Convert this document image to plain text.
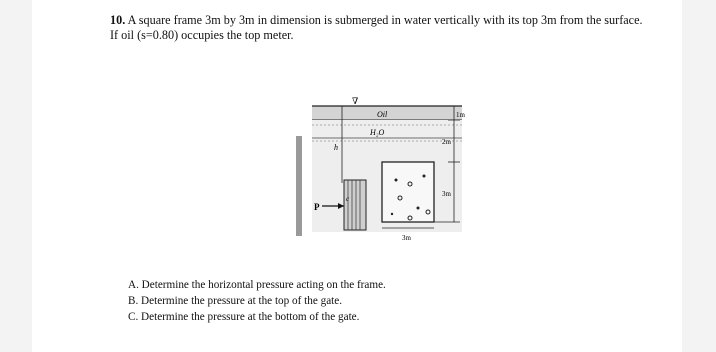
10. A square frame 3m by 3m in dimension is submerged in water vertically with its top 3m from the surface. If oil (s=0.80) occupies the top meter.

P
c
h
1m
2m
3m
3m
Oil
H₂O
∇
A. Determine the horizontal pressure acting on the frame.
B. Determine the pressure at the top of the gate.
C. Determine the pressure at the bottom of the gate.
